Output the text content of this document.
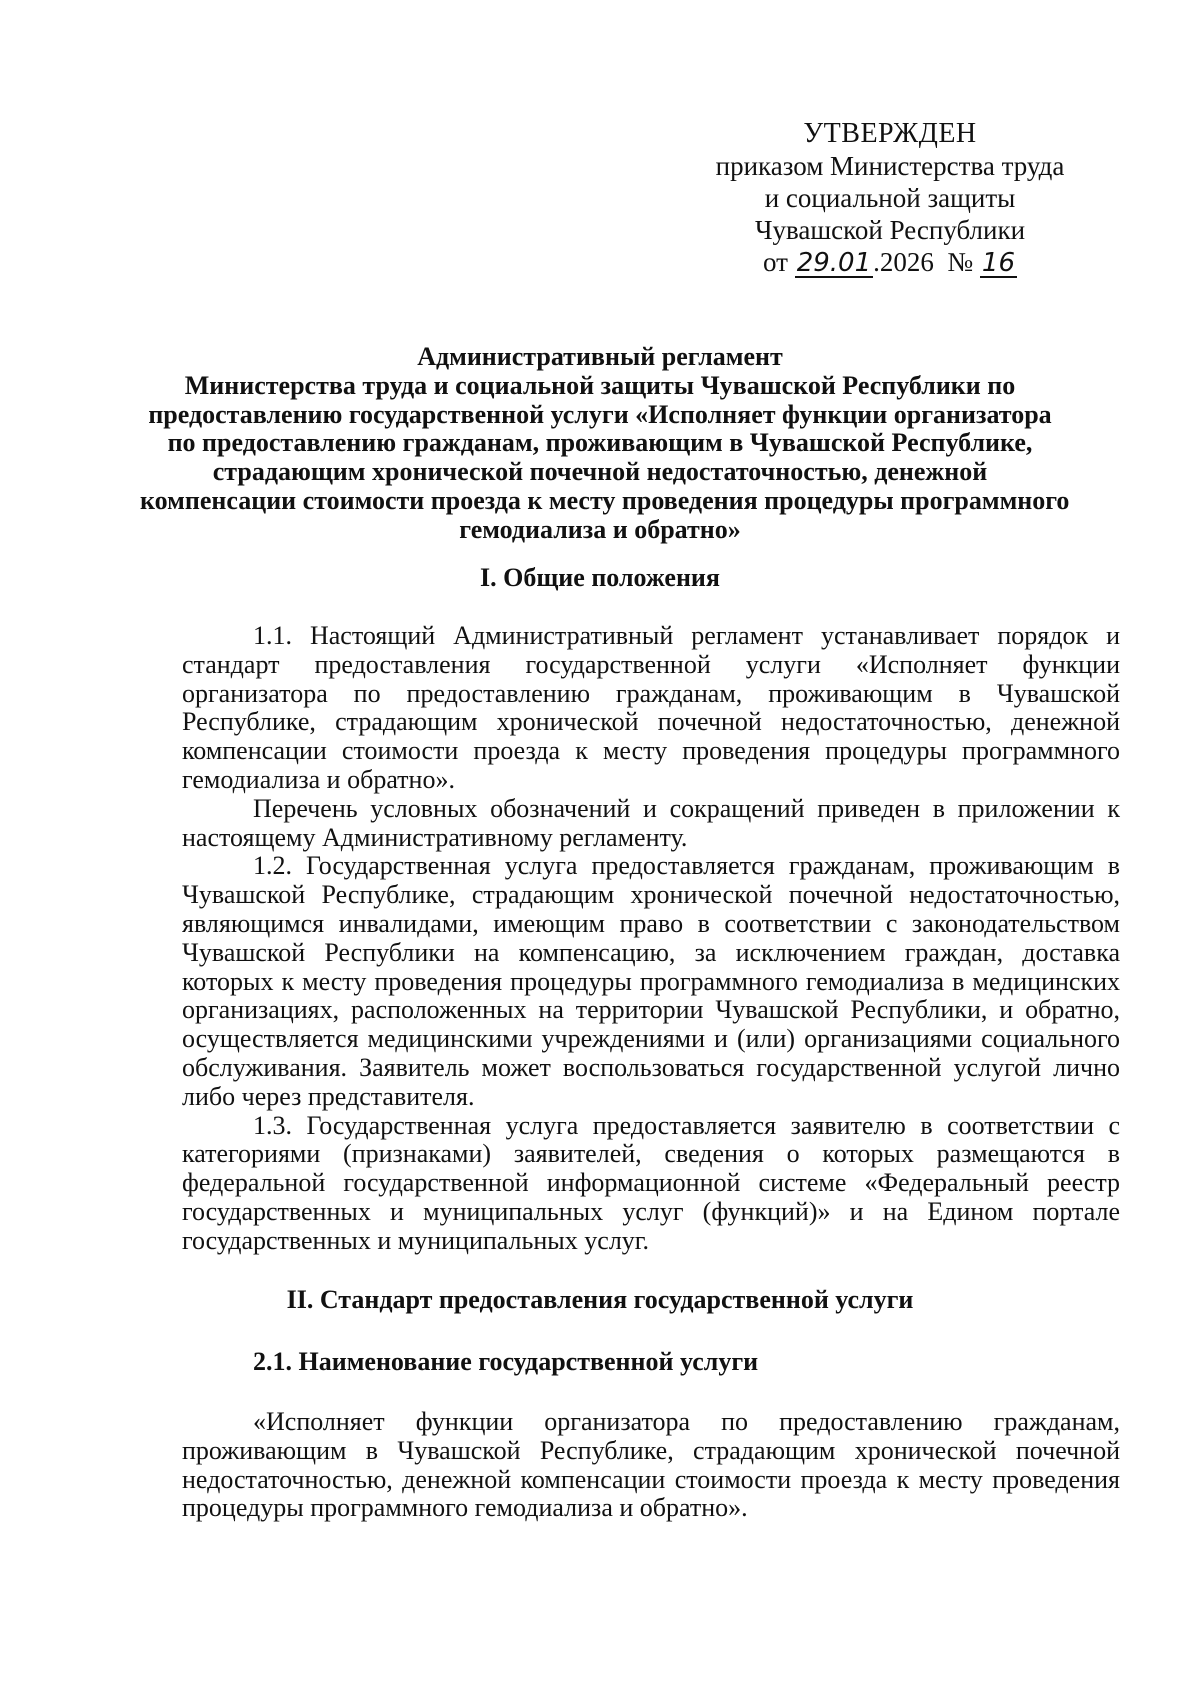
УТВЕРЖДЕН
приказом Министерства труда
и социальной защиты
Чувашской Республики
от 29.01.2026 № 16
Административный регламент
Министерства труда и социальной защиты Чувашской Республики по
предоставлению государственной услуги «Исполняет функции организатора
по предоставлению гражданам, проживающим в Чувашской Республике,
страдающим хронической почечной недостаточностью, денежной
компенсации стоимости проезда к месту проведения процедуры программного
гемодиализа и обратно»
I. Общие положения

1.1. Настоящий Административный регламент устанавливает порядок и стандарт предоставления государственной услуги «Исполняет функции организатора по предоставлению гражданам, проживающим в Чувашской Республике, страдающим хронической почечной недостаточностью, денежной компенсации стоимости проезда к месту проведения процедуры программного гемодиализа и обратно».

Перечень условных обозначений и сокращений приведен в приложении к настоящему Административному регламенту.

1.2. Государственная услуга предоставляется гражданам, проживающим в Чувашской Республике, страдающим хронической почечной недостаточностью, являющимся инвалидами, имеющим право в соответствии с законодательством Чувашской Республики на компенсацию, за исключением граждан, доставка которых к месту проведения процедуры программного гемодиализа в медицинских организациях, расположенных на территории Чувашской Республики, и обратно, осуществляется медицинскими учреждениями и (или) организациями социального обслуживания. Заявитель может воспользоваться государственной услугой лично либо через представителя.

1.3. Государственная услуга предоставляется заявителю в соответствии с категориями (признаками) заявителей, сведения о которых размещаются в федеральной государственной информационной системе «Федеральный реестр государственных и муниципальных услуг (функций)» и на Едином портале государственных и муниципальных услуг.

II. Стандарт предоставления государственной услуги
2.1. Наименование государственной услуги

«Исполняет функции организатора по предоставлению гражданам, проживающим в Чувашской Республике, страдающим хронической почечной недостаточностью, денежной компенсации стоимости проезда к месту проведения процедуры программного гемодиализа и обратно».
